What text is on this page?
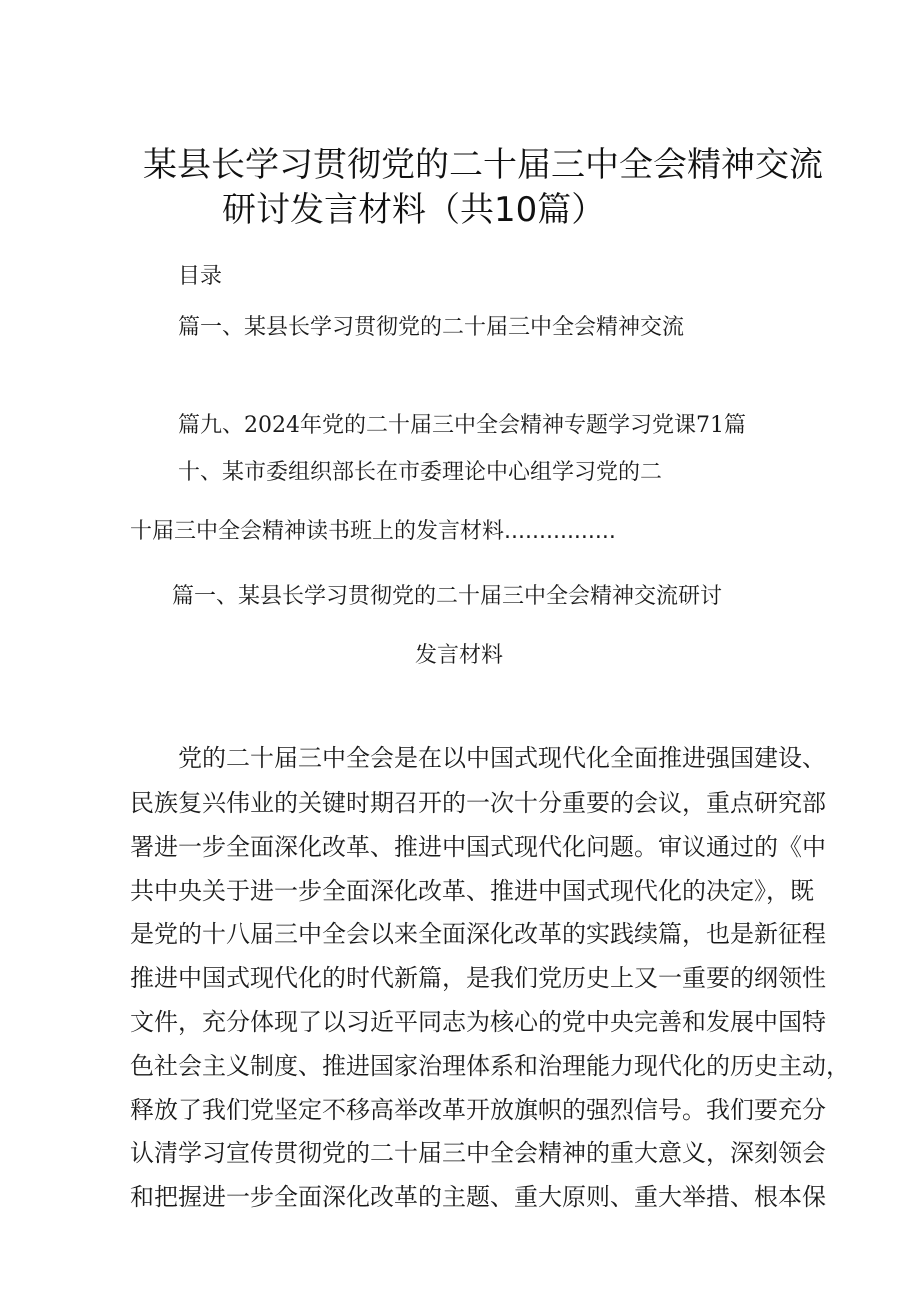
某县长学习贯彻党的二十届三中全会精神交流
研讨发言材料（共10篇）
目录
篇一、某县长学习贯彻党的二十届三中全会精神交流
篇九、2024年党的二十届三中全会精神专题学习党课71篇
十、某市委组织部长在市委理论中心组学习党的二
十届三中全会精神读书班上的发言材料................
篇一、某县长学习贯彻党的二十届三中全会精神交流研讨
发言材料
党的二十届三中全会是在以中国式现代化全面推进强国建设、
民族复兴伟业的关键时期召开的一次十分重要的会议，重点研究部
署进一步全面深化改革、推进中国式现代化问题。审议通过的《中
共中央关于进一步全面深化改革、推进中国式现代化的决定》，既
是党的十八届三中全会以来全面深化改革的实践续篇，也是新征程
推进中国式现代化的时代新篇，是我们党历史上又一重要的纲领性
文件，充分体现了以习近平同志为核心的党中央完善和发展中国特
色社会主义制度、推进国家治理体系和治理能力现代化的历史主动，
释放了我们党坚定不移高举改革开放旗帜的强烈信号。我们要充分
认清学习宣传贯彻党的二十届三中全会精神的重大意义，深刻领会
和把握进一步全面深化改革的主题、重大原则、重大举措、根本保
